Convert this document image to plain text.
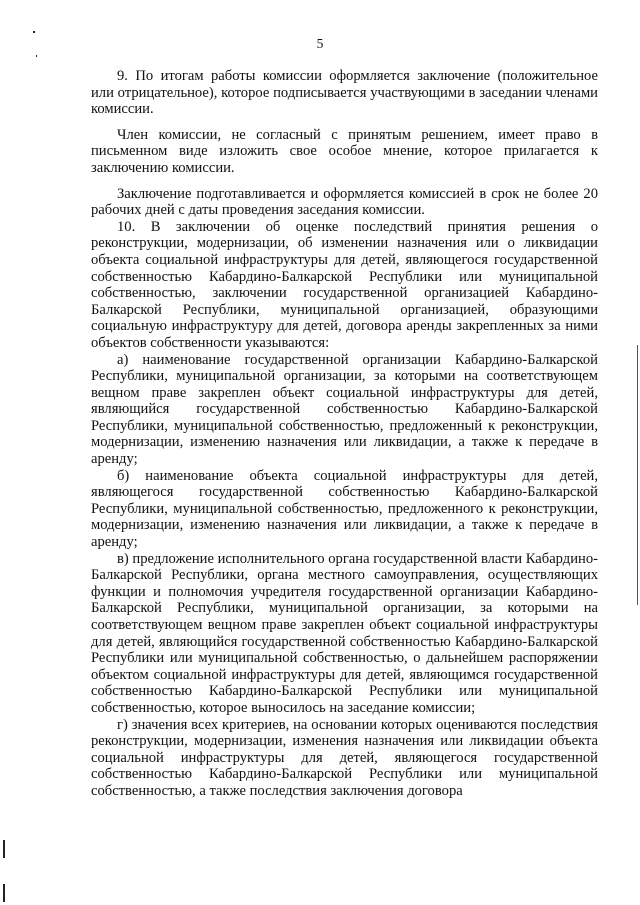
5

9. По итогам работы комиссии оформляется заключение (положительное или отрицательное), которое подписывается участвующими в заседании членами комиссии.

Член комиссии, не согласный с принятым решением, имеет право в письменном виде изложить свое особое мнение, которое прилагается к заключению комиссии.

Заключение подготавливается и оформляется комиссией в срок не более 20 рабочих дней с даты проведения заседания комиссии.

10. В заключении об оценке последствий принятия решения о реконструкции, модернизации, об изменении назначения или о ликвидации объекта социальной инфраструктуры для детей, являющегося государственной собственностью Кабардино-Балкарской Республики или муниципальной собственностью, заключении государственной организацией Кабардино-Балкарской Республики, муниципальной организацией, образующими социальную инфраструктуру для детей, договора аренды закрепленных за ними объектов собственности указываются:

а) наименование государственной организации Кабардино-Балкарской Республики, муниципальной организации, за которыми на соответствующем вещном праве закреплен объект социальной инфраструктуры для детей, являющийся государственной собственностью Кабардино-Балкарской Республики, муниципальной собственностью, предложенный к реконструкции, модернизации, изменению назначения или ликвидации, а также к передаче в аренду;

б) наименование объекта социальной инфраструктуры для детей, являющегося государственной собственностью Кабардино-Балкарской Республики, муниципальной собственностью, предложенного к реконструкции, модернизации, изменению назначения или ликвидации, а также к передаче в аренду;

в) предложение исполнительного органа государственной власти Кабардино-Балкарской Республики, органа местного самоуправления, осуществляющих функции и полномочия учредителя государственной организации Кабардино-Балкарской Республики, муниципальной организации, за которыми на соответствующем вещном праве закреплен объект социальной инфраструктуры для детей, являющийся государственной собственностью Кабардино-Балкарской Республики или муниципальной собственностью, о дальнейшем распоряжении объектом социальной инфраструктуры для детей, являющимся государственной собственностью Кабардино-Балкарской Республики или муниципальной собственностью, которое выносилось на заседание комиссии;

г) значения всех критериев, на основании которых оцениваются последствия реконструкции, модернизации, изменения назначения или ликвидации объекта социальной инфраструктуры для детей, являющегося государственной собственностью Кабардино-Балкарской Республики или муниципальной собственностью, а также последствия заключения договора
